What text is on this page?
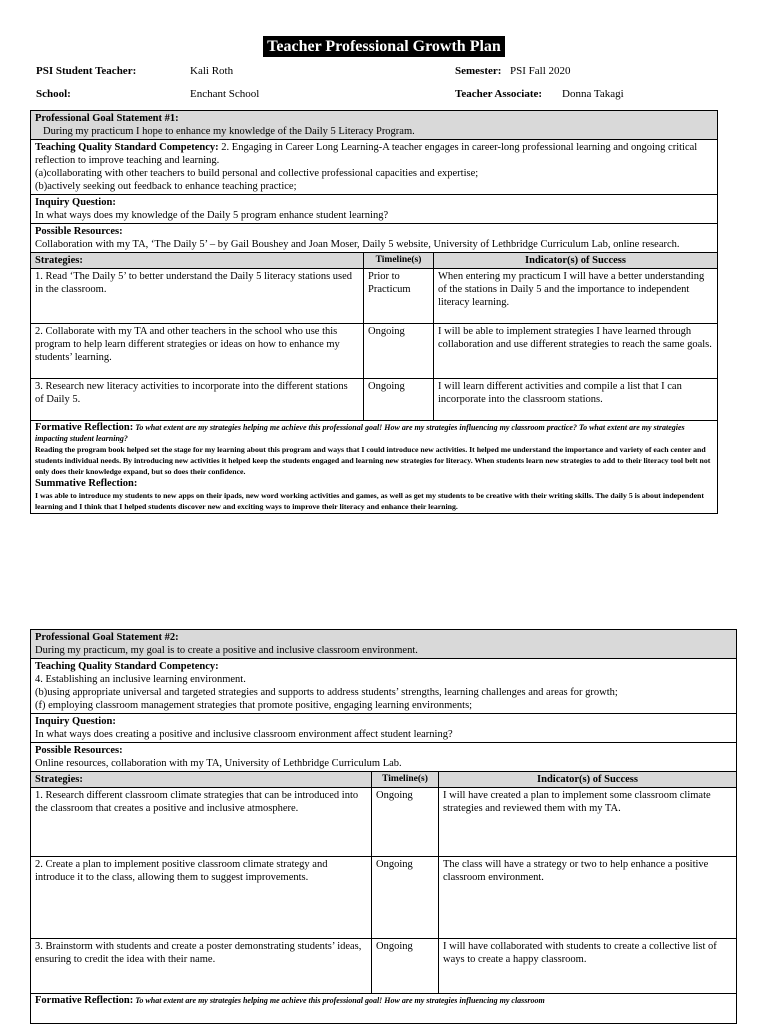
Teacher Professional Growth Plan
PSI Student Teacher:	Kali Roth	Semester: PSI Fall 2020
School:	Enchant School	Teacher Associate: Donna Takagi
Professional Goal Statement #1:

During my practicum I hope to enhance my knowledge of the Daily 5 Literacy Program.		

Teaching Quality Standard Competency: 2. Engaging in Career Long Learning-A teacher engages in career-long professional learning and ongoing critical reflection to improve teaching and learning.
(a)collaborating with other teachers to build personal and collective professional capacities and expertise;
(b)actively seeking out feedback to enhance teaching practice;		
Inquiry Question:
In what ways does my knowledge of the Daily 5 program enhance student learning?		
Possible Resources:
Collaboration with my TA, ‘The Daily 5’ – by Gail Boushey and Joan Moser, Daily 5 website, University of Lethbridge Curriculum Lab, online research.		
Strategies:	Timeline(s)	Indicator(s) of Success
1. Read ‘The Daily 5’ to better understand the Daily 5 literacy stations used in the classroom.	Prior to Practicum	When entering my practicum I will have a better understanding of the stations in Daily 5 and the importance to independent literacy learning.
2. Collaborate with my TA and other teachers in the school who use this program to help learn different strategies or ideas on how to enhance my students’ learning.	Ongoing	I will be able to implement strategies I have learned through collaboration and use different strategies to reach the same goals.
3. Research new literacy activities to incorporate into the different stations of Daily 5.	Ongoing	I will learn different activities and compile a list that I can incorporate into the classroom stations.

Formative Reflection: To what extent are my strategies helping me achieve this professional goal! How are my strategies influencing my classroom practice? To what extent are my strategies impacting student learning?
Reading the program book helped set the stage for my learning about this program and ways that I could introduce new activities. It helped me understand the importance and variety of each center and students individual needs. By introducing new activities it helped keep the students engaged and learning new strategies for literacy. When students learn new strategies to add to their literacy tool belt not only does their knowledge expand, but so does their confidence.
Summative Reflection:
I was able to introduce my students to new apps on their ipads, new word working activities and games, as well as get my students to be creative with their writing skills. The daily 5 is about independent learning and I think that I helped students discover new and exciting ways to improve their literacy and enhance their learning.		
Professional Goal Statement #2:
During my practicum, my goal is to create a positive and inclusive classroom environment.		
Teaching Quality Standard Competency:
4. Establishing an inclusive learning environment.
(b)using appropriate universal and targeted strategies and supports to address students’ strengths, learning challenges and areas for growth;
(f) employing classroom management strategies that promote positive, engaging learning environments;		
Inquiry Question:
In what ways does creating a positive and inclusive classroom environment affect student learning?		
Possible Resources:
Online resources, collaboration with my TA, University of Lethbridge Curriculum Lab.		
Strategies:	Timeline(s)	Indicator(s) of Success
1. Research different classroom climate strategies that can be introduced into the classroom that creates a positive and inclusive atmosphere.	Ongoing	I will have created a plan to implement some classroom climate strategies and reviewed them with my TA.
2. Create a plan to implement positive classroom climate strategy and introduce it to the class, allowing them to suggest improvements.	Ongoing	The class will have a strategy or two to help enhance a positive classroom environment.
3. Brainstorm with students and create a poster demonstrating students’ ideas, ensuring to credit the idea with their name.	Ongoing	I will have collaborated with students to create a collective list of ways to create a happy classroom.

Formative Reflection: To what extent are my strategies helping me achieve this professional goal! How are my strategies influencing my classroom		
